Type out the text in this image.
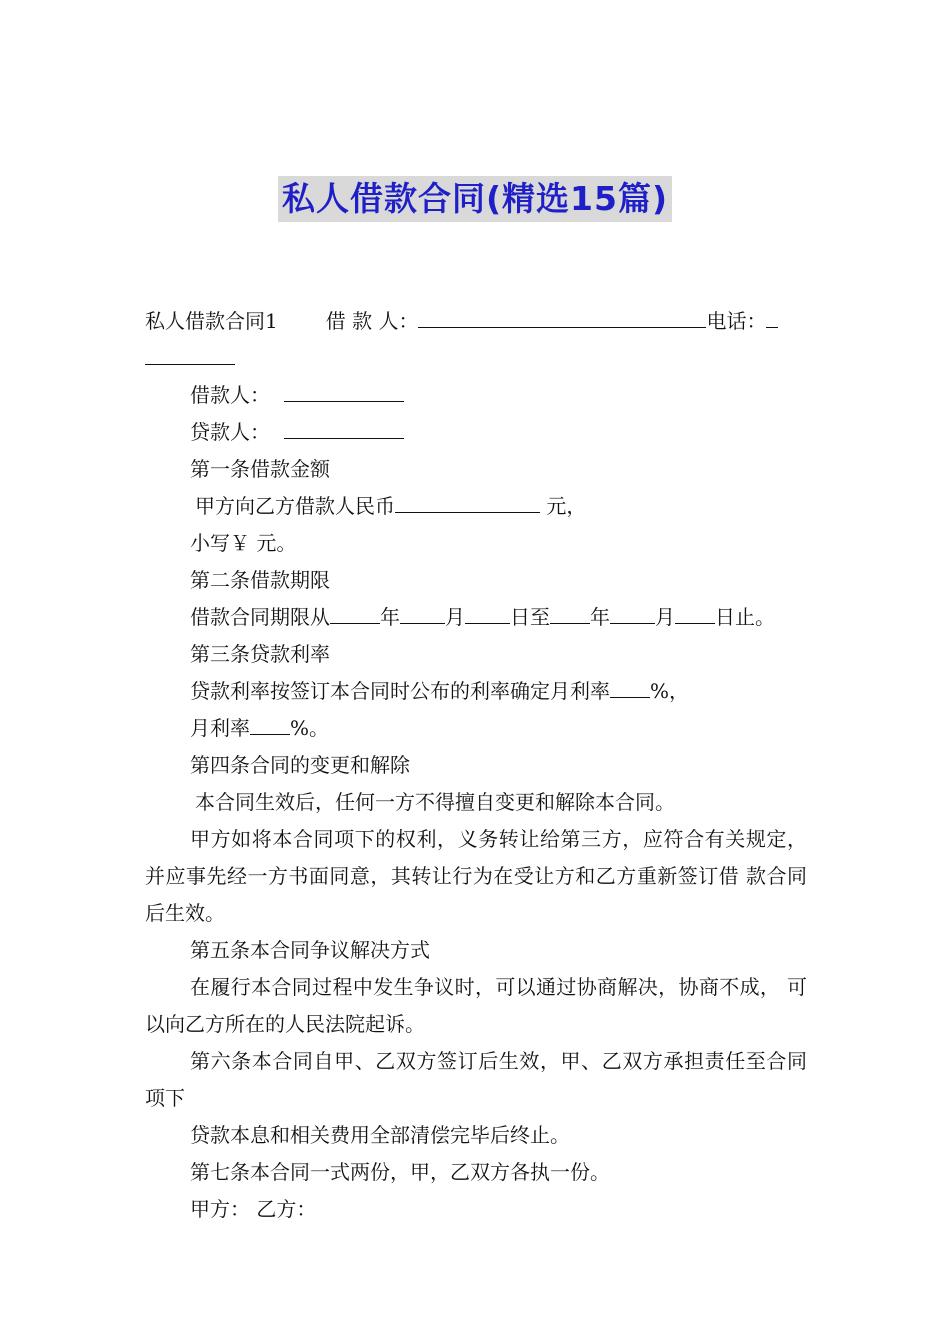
私人借款合同(精选15篇)
私人借款合同1 借 款 人：	电话：
借款人：
贷款人：
第一条借款金额
甲方向乙方借款人民币	元，
小写￥ 元。
第二条借款期限
借款合同期限从	年 月 日至 年 月 日止。
第三条贷款利率
贷款利率按签订本合同时公布的利率确定月利率 %，
月利率 %。
第四条合同的变更和解除
本合同生效后，任何一方不得擅自变更和解除本合同。
甲方如将本合同项下的权利，义务转让给第三方，应符合有关规定， 并应事先经一方书面同意，其转让行为在受让方和乙方重新签订借 款合同后生效。
第五条本合同争议解决方式
在履行本合同过程中发生争议时，可以通过协商解决，协商不成， 可以向乙方所在的人民法院起诉。
第六条本合同自甲、乙双方签订后生效，甲、乙双方承担责任至合同项下
贷款本息和相关费用全部清偿完毕后终止。
第七条本合同一式两份，甲，乙双方各执一份。
甲方： 乙方：
